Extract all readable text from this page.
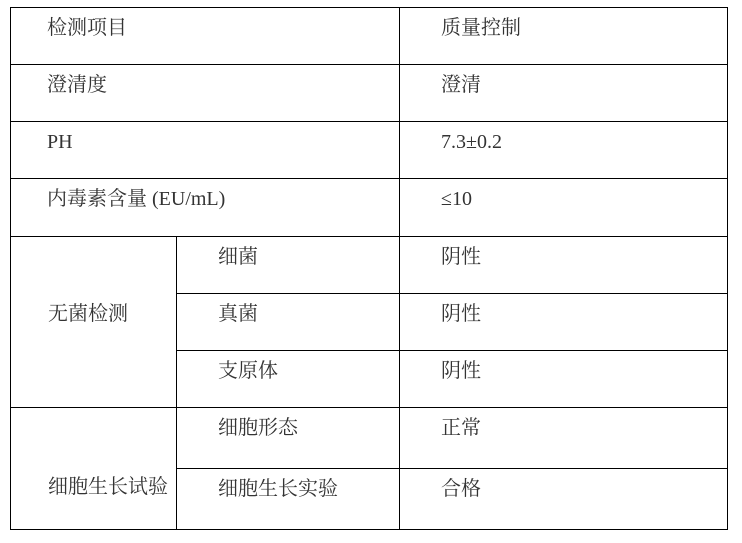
检测项目		质量控制
澄清度		澄清
PH		7.3±0.2
内毒素含量 (EU/mL)		≤10
无菌检测	细菌	阴性
	真菌	阴性
	支原体	阴性
细胞生长试验	细胞形态	正常
	细胞生长实验	合格
